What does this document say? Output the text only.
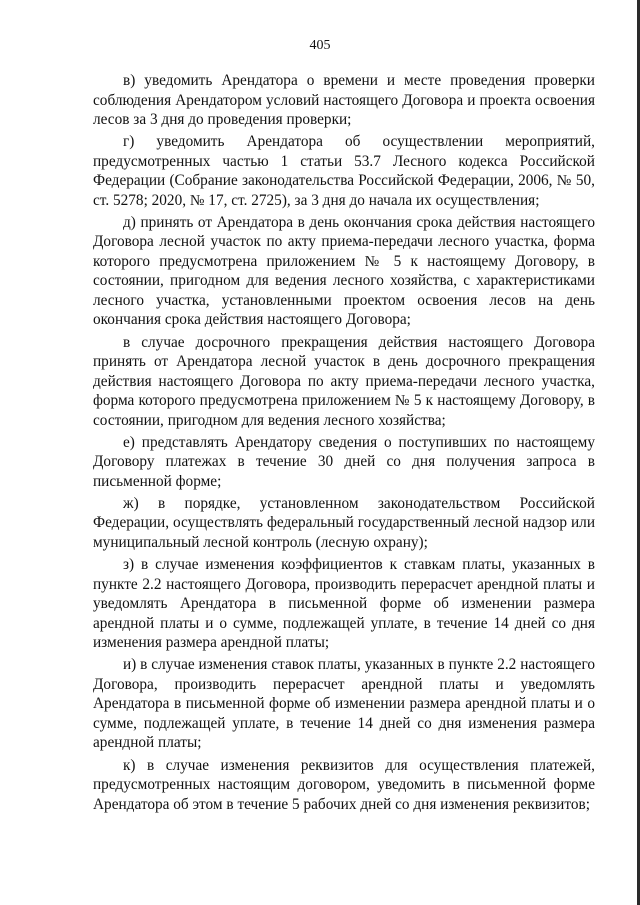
405

в) уведомить Арендатора о времени и месте проведения проверки соблюдения Арендатором условий настоящего Договора и проекта освоения лесов за 3 дня до проведения проверки;

г) уведомить Арендатора об осуществлении мероприятий, предусмотренных частью 1 статьи 53.7 Лесного кодекса Российской Федерации (Собрание законодательства Российской Федерации, 2006, № 50, ст. 5278; 2020, № 17, ст. 2725), за 3 дня до начала их осуществления;

д) принять от Арендатора в день окончания срока действия настоящего Договора лесной участок по акту приема-передачи лесного участка, форма которого предусмотрена приложением № 5 к настоящему Договору, в состоянии, пригодном для ведения лесного хозяйства, с характеристиками лесного участка, установленными проектом освоения лесов на день окончания срока действия настоящего Договора;

в случае досрочного прекращения действия настоящего Договора принять от Арендатора лесной участок в день досрочного прекращения действия настоящего Договора по акту приема-передачи лесного участка, форма которого предусмотрена приложением № 5 к настоящему Договору, в состоянии, пригодном для ведения лесного хозяйства;

е) представлять Арендатору сведения о поступивших по настоящему Договору платежах в течение 30 дней со дня получения запроса в письменной форме;

ж) в порядке, установленном законодательством Российской Федерации, осуществлять федеральный государственный лесной надзор или муниципальный лесной контроль (лесную охрану);

з) в случае изменения коэффициентов к ставкам платы, указанных в пункте 2.2 настоящего Договора, производить перерасчет арендной платы и уведомлять Арендатора в письменной форме об изменении размера арендной платы и о сумме, подлежащей уплате, в течение 14 дней со дня изменения размера арендной платы;

и) в случае изменения ставок платы, указанных в пункте 2.2 настоящего Договора, производить перерасчет арендной платы и уведомлять Арендатора в письменной форме об изменении размера арендной платы и о сумме, подлежащей уплате, в течение 14 дней со дня изменения размера арендной платы;

к) в случае изменения реквизитов для осуществления платежей, предусмотренных настоящим договором, уведомить в письменной форме Арендатора об этом в течение 5 рабочих дней со дня изменения реквизитов;
